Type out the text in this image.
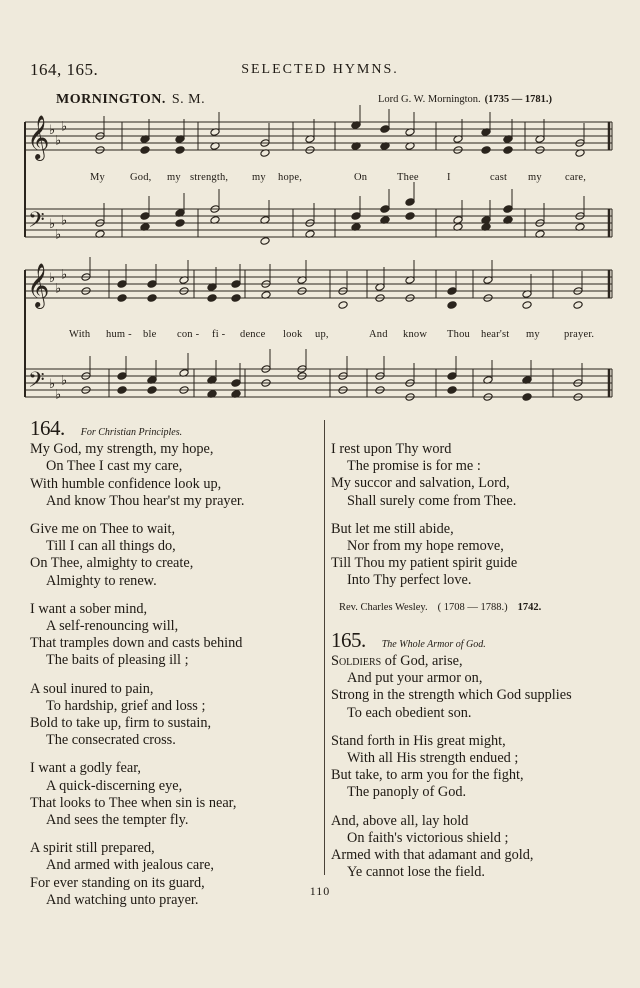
164, 165.	SELECTED HYMNS.
MORNINGTON. S. M.	Lord G. W. Mornington. (1735 — 1781.)
𝄞
𝄢
♭
♭
♭
♭
♭
♭
𝄞
𝄢
♭
♭
♭
♭
♭
♭
My God, my strength, my hope,	On	Thee	I	cast my care,
With hum - ble con - fi - dence look up,	And know Thou hear'st my prayer.
164. For Christian Principles.
My God, my strength, my hope,
On Thee I cast my care,
With humble confidence look up,
And know Thou hear'st my prayer.
Give me on Thee to wait,
Till I can all things do,
On Thee, almighty to create,
Almighty to renew.
I want a sober mind,
A self-renouncing will,
That tramples down and casts behind
The baits of pleasing ill ;
A soul inured to pain,
To hardship, grief and loss ;
Bold to take up, firm to sustain,
The consecrated cross.
I want a godly fear,
A quick-discerning eye,
That looks to Thee when sin is near,
And sees the tempter fly.
A spirit still prepared,
And armed with jealous care,
For ever standing on its guard,
And watching unto prayer.
I rest upon Thy word
The promise is for me :
My succor and salvation, Lord,
Shall surely come from Thee.
But let me still abide,
Nor from my hope remove,
Till Thou my patient spirit guide
Into Thy perfect love.
Rev. Charles Wesley. ( 1708 — 1788.) 1742.
165. The Whole Armor of God.
Soldiers of God, arise,
And put your armor on,
Strong in the strength which God supplies
To each obedient son.
Stand forth in His great might,
With all His strength endued ;
But take, to arm you for the fight,
The panoply of God.
And, above all, lay hold
On faith's victorious shield ;
Armed with that adamant and gold,
Ye cannot lose the field.
110
